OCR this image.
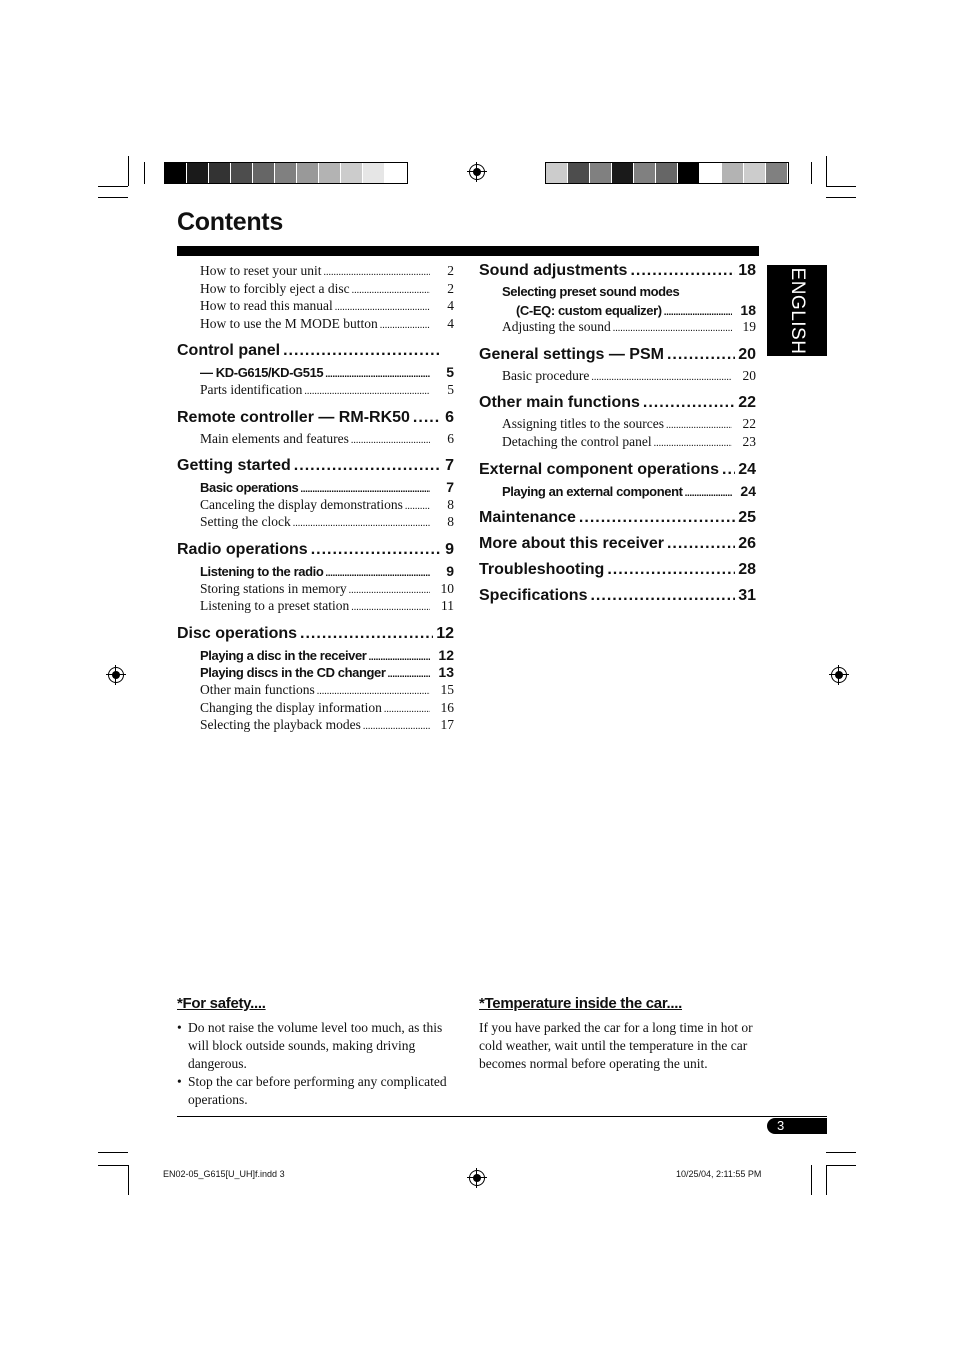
Contents
ENGLISH
How to reset your unit .....	2
How to forcibly eject a disc .....	2
How to read this manual .....	4
How to use the M MODE button .....	4
Control panel
.....
— KD-G615/KD-G515 .....	5
Parts identification .....	5
Remote controller — RM-RK50 ..... 6
Main elements and features .....	6
Getting started .....	7
Basic operations .....	7
Canceling the display demonstrations .....	8
Setting the clock .....	8
Radio operations .....	9
Listening to the radio .....	9
Storing stations in memory .....	10
Listening to a preset station .....	11
Disc operations .....	12
Playing a disc in the receiver .....	12
Playing discs in the CD changer .....	13
Other main functions .....	15
Changing the display information .....	16
Selecting the playback modes .....	17
Sound adjustments .....	18
Selecting preset sound modes
(C-EQ: custom equalizer) .....	18
Adjusting the sound .....	19
General settings — PSM .....	20
Basic procedure .....	20
Other main functions .....	22
Assigning titles to the sources .....	22
Detaching the control panel .....	23
External component operations ..... 24
Playing an external component .....	24
Maintenance .....	25
More about this receiver .....	26
Troubleshooting .....	28
Specifications .....	31
*For safety....
• Do not raise the volume level too much, as this will block outside sounds, making driving dangerous.
• Stop the car before performing any complicated operations.
*Temperature inside the car....
If you have parked the car for a long time in hot or cold weather, wait until the temperature in the car becomes normal before operating the unit.
3
EN02-05_G615[U_UH]f.indd 3	10/25/04, 2:11:55 PM
